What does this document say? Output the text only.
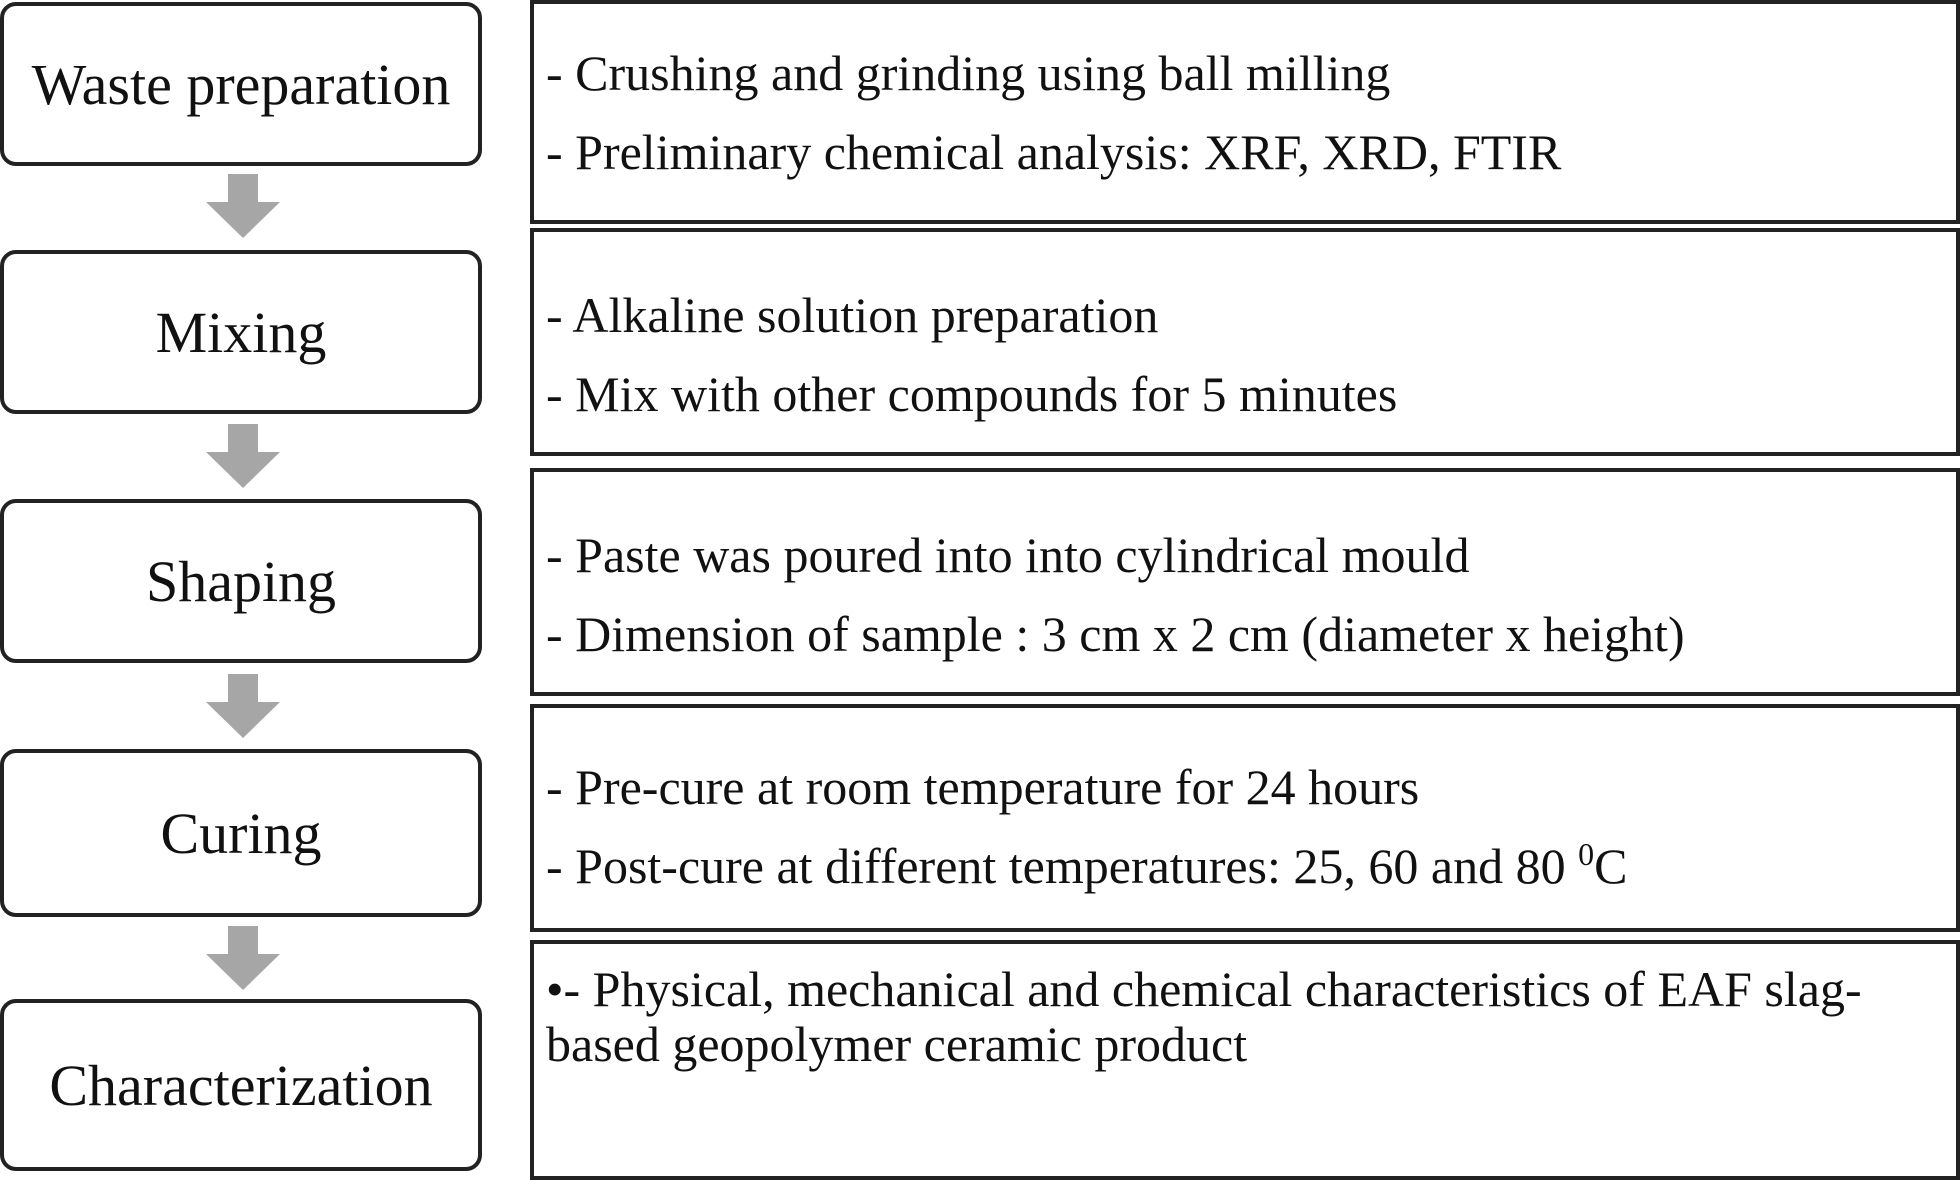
Waste preparation
Mixing
Shaping
Curing
Characterization
- Crushing and grinding using ball milling
- Preliminary chemical analysis: XRF, XRD, FTIR
- Alkaline solution preparation
- Mix with other compounds for 5 minutes
- Paste was poured into into cylindrical mould
- Dimension of sample : 3 cm x 2 cm (diameter x height)
- Pre-cure at room temperature for 24 hours
- Post-cure at different temperatures: 25, 60 and 80 $^0$C
•- Physical, mechanical and chemical characteristics of EAF slag-based geopolymer ceramic product
